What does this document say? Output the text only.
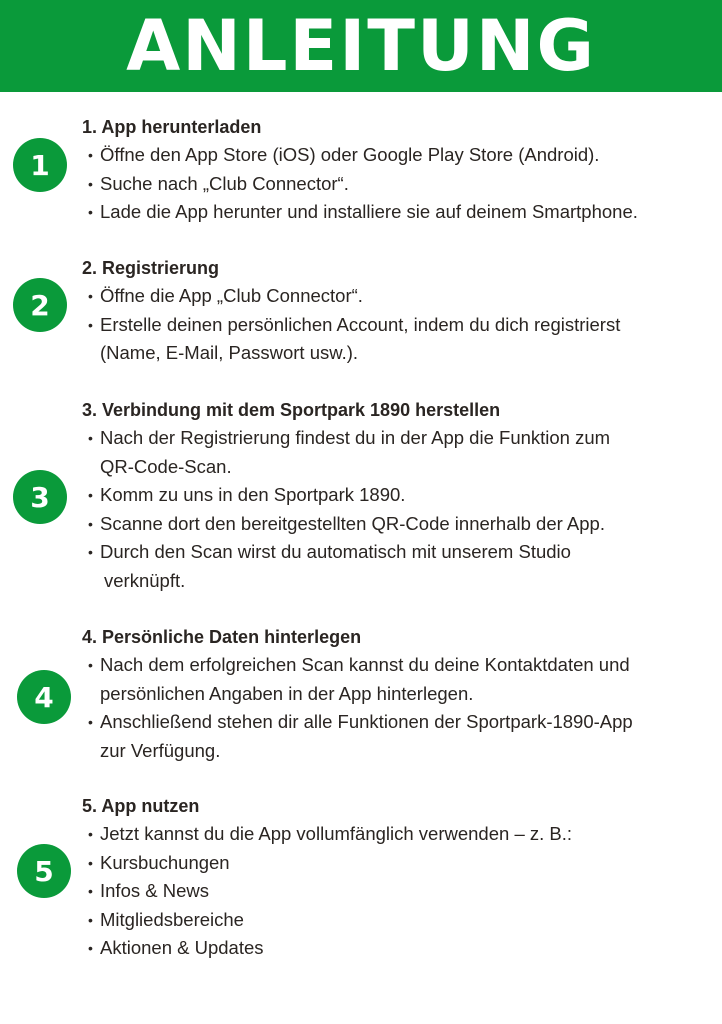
ANLEITUNG
1
1. App herunterladen
• Öffne den App Store (iOS) oder Google Play Store (Android).
• Suche nach „Club Connector“.
• Lade die App herunter und installiere sie auf deinem Smartphone.
2
2. Registrierung
• Öffne die App „Club Connector“.
• Erstelle deinen persönlichen Account, indem du dich registrierst
(Name, E-Mail, Passwort usw.).
3
3. Verbindung mit dem Sportpark 1890 herstellen
• Nach der Registrierung findest du in der App die Funktion zum
QR-Code-Scan.
• Komm zu uns in den Sportpark 1890.
• Scanne dort den bereitgestellten QR-Code innerhalb der App.
• Durch den Scan wirst du automatisch mit unserem Studio
verknüpft.
4
4. Persönliche Daten hinterlegen
• Nach dem erfolgreichen Scan kannst du deine Kontaktdaten und
persönlichen Angaben in der App hinterlegen.
• Anschließend stehen dir alle Funktionen der Sportpark-1890-App
zur Verfügung.
5
5. App nutzen
• Jetzt kannst du die App vollumfänglich verwenden – z. B.:
• Kursbuchungen
• Infos & News
• Mitgliedsbereiche
• Aktionen & Updates
